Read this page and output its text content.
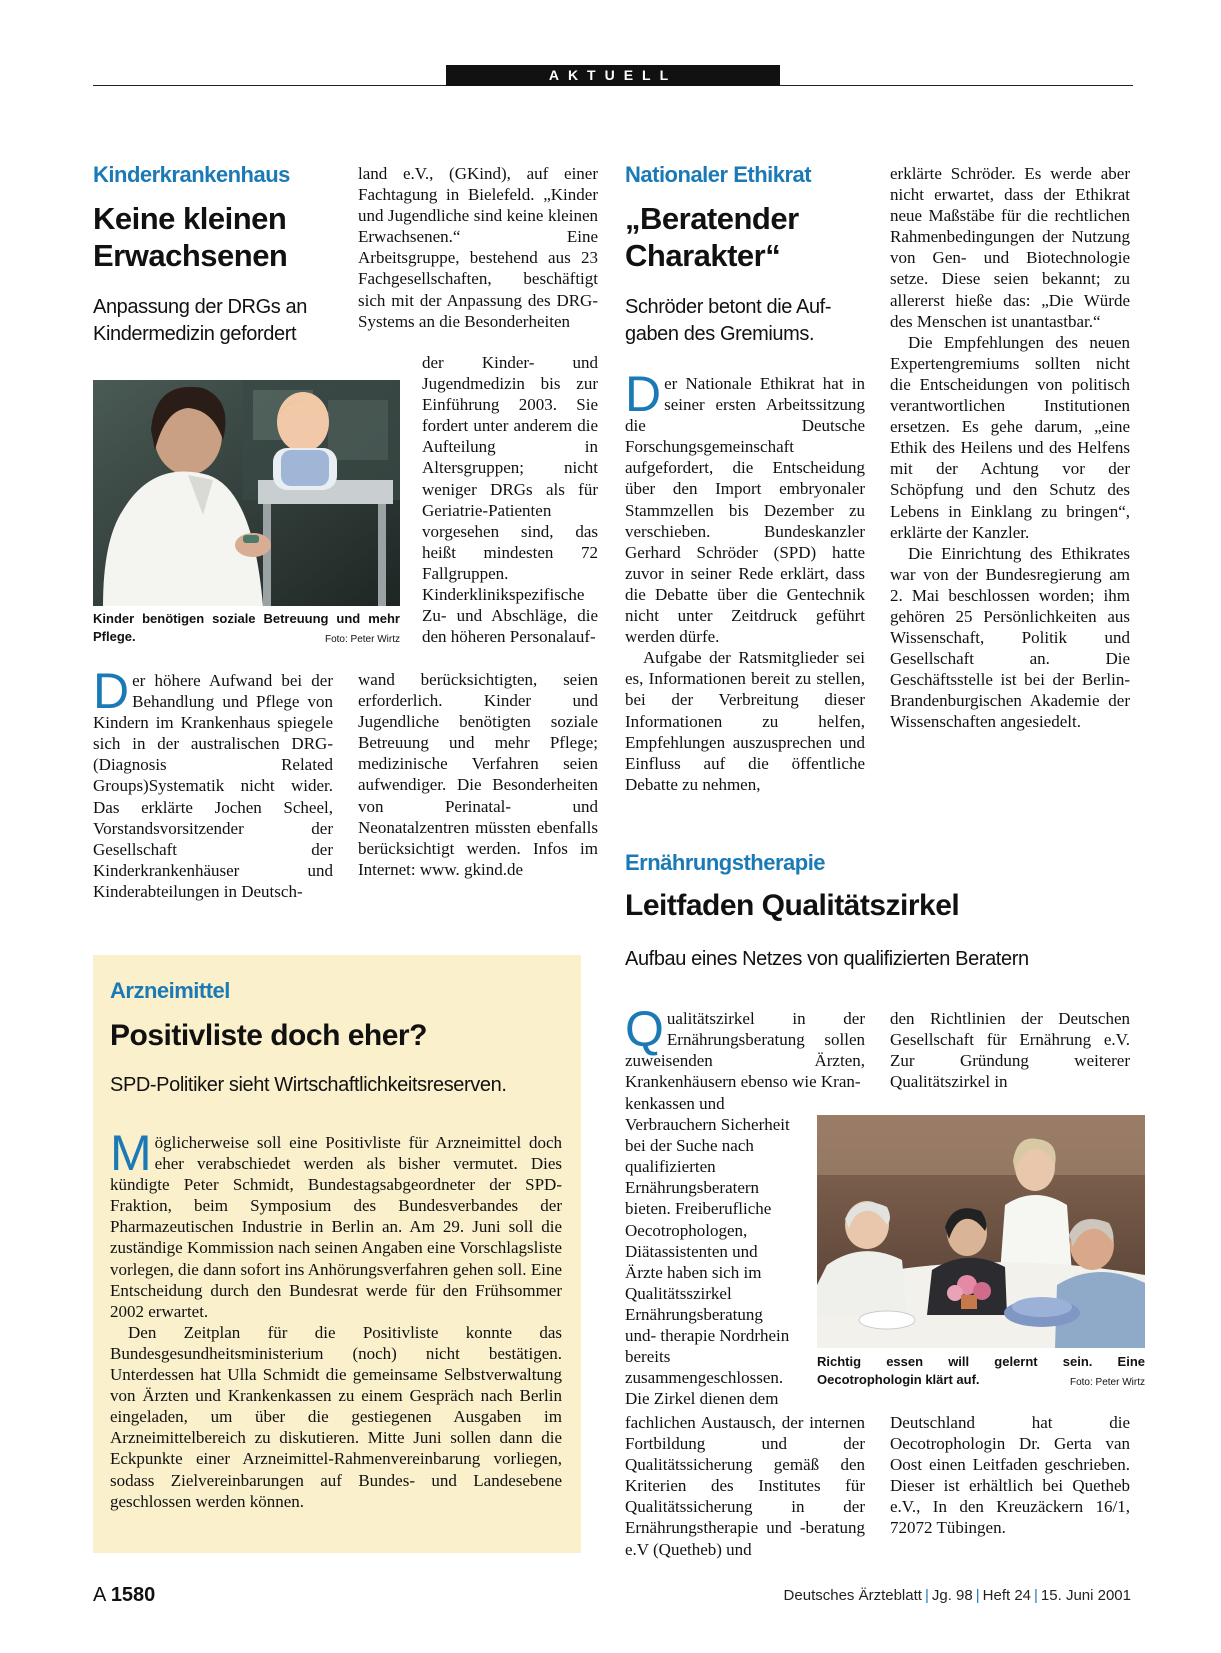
AKTUELL
Kinderkrankenhaus
Keine kleinen
Erwachsenen
Anpassung der DRGs an
Kindermedizin gefordert
Kinder benötigen soziale Betreuung und mehr Pflege.	Foto: Peter Wirtz

Der höhere Aufwand bei der Behandlung und Pflege von Kindern im Krankenhaus spiegele sich in der australischen DRG-(Diagnosis Related Groups)Systematik nicht wider. Das erklärte Jochen Scheel, Vorstandsvorsitzender der Gesellschaft der Kinderkrankenhäuser und Kinderabteilungen in Deutsch-

land e.V., (GKind), auf einer Fachtagung in Bielefeld. „Kinder und Jugendliche sind keine kleinen Erwachsenen.“ Eine Arbeitsgruppe, bestehend aus 23 Fachgesellschaften, beschäftigt sich mit der Anpassung des DRG-Systems an die Besonderheiten
der Kinder- und Jugendmedizin bis zur Einführung 2003. Sie fordert unter anderem die Aufteilung in Altersgruppen; nicht weniger DRGs als für Geriatrie-Patienten vorgesehen sind, das heißt mindesten 72 Fallgruppen. Kinderklinikspezifische Zu- und Abschläge, die den höheren Personalauf-
wand berücksichtigten, seien erforderlich. Kinder und Jugendliche benötigten soziale Betreuung und mehr Pflege; medizinische Verfahren seien aufwendiger. Die Besonderheiten von Perinatal- und Neonatalzentren müssten ebenfalls berücksichtigt werden. Infos im Internet: www. gkind.de
Nationaler Ethikrat
„Beratender
Charakter“
Schröder betont die Auf-
gaben des Gremiums.

Der Nationale Ethikrat hat in seiner ersten Arbeitssitzung die Deutsche Forschungsgemeinschaft aufgefordert, die Entscheidung über den Import embryonaler Stammzellen bis Dezember zu verschieben. Bundeskanzler Gerhard Schröder (SPD) hatte zuvor in seiner Rede erklärt, dass die Debatte über die Gentechnik nicht unter Zeitdruck geführt werden dürfe.

Aufgabe der Ratsmitglieder sei es, Informationen bereit zu stellen, bei der Verbreitung dieser Informationen zu helfen, Empfehlungen auszusprechen und Einfluss auf die öffentliche Debatte zu nehmen,

erklärte Schröder. Es werde aber nicht erwartet, dass der Ethikrat neue Maßstäbe für die rechtlichen Rahmenbedingungen der Nutzung von Gen- und Biotechnologie setze. Diese seien bekannt; zu allererst hieße das: „Die Würde des Menschen ist unantastbar.“

Die Empfehlungen des neuen Expertengremiums sollten nicht die Entscheidungen von politisch verantwortlichen Institutionen ersetzen. Es gehe darum, „eine Ethik des Heilens und des Helfens mit der Achtung vor der Schöpfung und den Schutz des Lebens in Einklang zu bringen“, erklärte der Kanzler.

Die Einrichtung des Ethikrates war von der Bundesregierung am 2. Mai beschlossen worden; ihm gehören 25 Persönlichkeiten aus Wissenschaft, Politik und Gesellschaft an. Die Geschäftsstelle ist bei der Berlin-Brandenburgischen Akademie der Wissenschaften angesiedelt.

Arzneimittel
Positivliste doch eher?
SPD-Politiker sieht Wirtschaftlichkeitsreserven.

Möglicherweise soll eine Positivliste für Arzneimittel doch eher verabschiedet werden als bisher vermutet. Dies kündigte Peter Schmidt, Bundestagsabgeordneter der SPD-Fraktion, beim Symposium des Bundesverbandes der Pharmazeutischen Industrie in Berlin an. Am 29. Juni soll die zuständige Kommission nach seinen Angaben eine Vorschlagsliste vorlegen, die dann sofort ins Anhörungsverfahren gehen soll. Eine Entscheidung durch den Bundesrat werde für den Frühsommer 2002 erwartet.

Den Zeitplan für die Positivliste konnte das Bundesgesundheitsministerium (noch) nicht bestätigen. Unterdessen hat Ulla Schmidt die gemeinsame Selbstverwaltung von Ärzten und Krankenkassen zu einem Gespräch nach Berlin eingeladen, um über die gestiegenen Ausgaben im Arzneimittelbereich zu diskutieren. Mitte Juni sollen dann die Eckpunkte einer Arzneimittel-Rahmenvereinbarung vorliegen, sodass Zielvereinbarungen auf Bundes- und Landesebene geschlossen werden können.

Ernährungstherapie
Leitfaden Qualitätszirkel
Aufbau eines Netzes von qualifizierten Beratern

Qualitätszirkel in der Ernährungsberatung sollen zuweisenden Ärzten, Krankenhäusern ebenso wie Kran-

kenkassen und Verbrauchern Sicherheit bei der Suche nach qualifizierten Ernährungsberatern bieten. Freiberufliche Oecotrophologen, Diätassistenten und Ärzte haben sich im Qualitätsszirkel Ernährungsberatung und- therapie Nordrhein bereits zusammengeschlossen. Die Zirkel dienen dem
fachlichen Austausch, der internen Fortbildung und der Qualitätssicherung gemäß den Kriterien des Institutes für Qualitätssicherung in der Ernährungstherapie und -beratung e.V (Quetheb) und
den Richtlinien der Deutschen Gesellschaft für Ernährung e.V. Zur Gründung weiterer Qualitätszirkel in
Richtig essen will gelernt sein. Eine Oecotrophologin klärt auf.	Foto: Peter Wirtz
Deutschland hat die Oecotrophologin Dr. Gerta van Oost einen Leitfaden geschrieben. Dieser ist erhältlich bei Quetheb e.V., In den Kreuzäckern 16/1, 72072 Tübingen.
A 1580	Deutsches Ärzteblatt | Jg. 98 | Heft 24 | 15. Juni 2001
